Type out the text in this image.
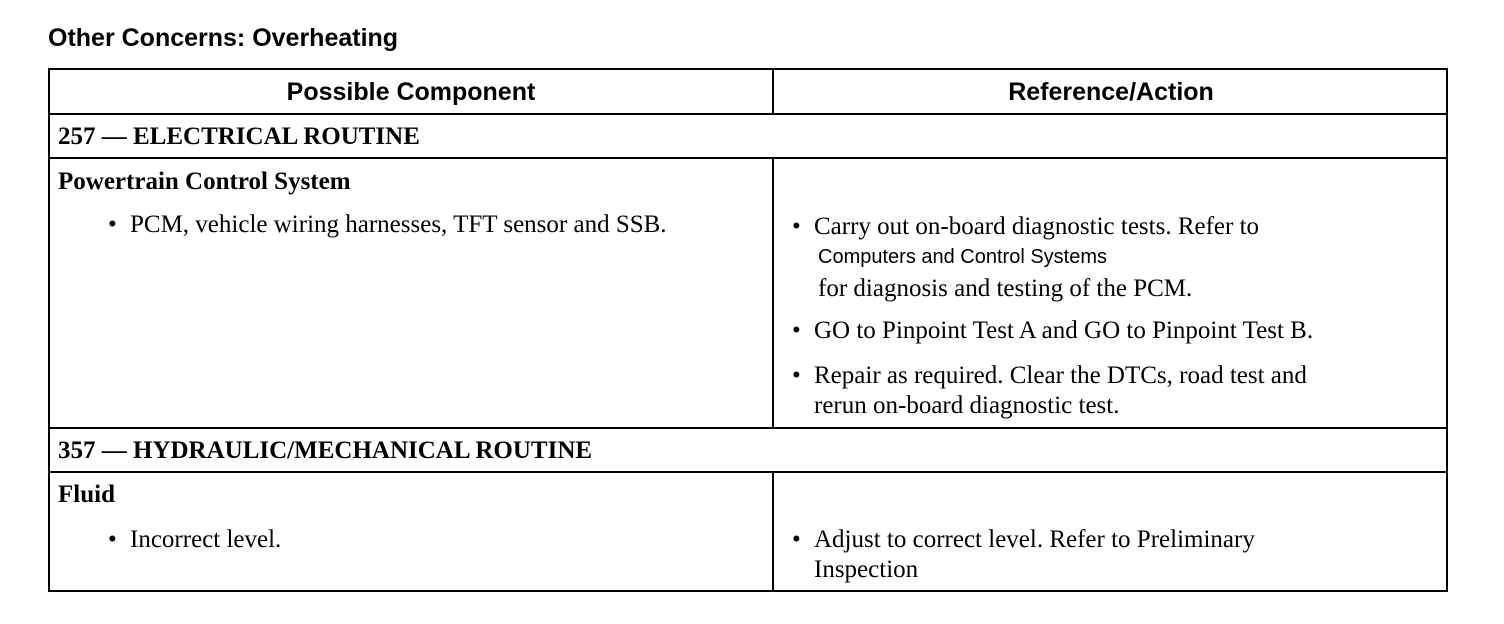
Other Concerns: Overheating
Possible Component	Reference/Action
257 — ELECTRICAL ROUTINE
Powertrain Control System
• PCM, vehicle wiring harnesses, TFT sensor and SSB.	• Carry out on-board diagnostic tests. Refer to
Computers and Control Systems
for diagnosis and testing of the PCM.
• GO to Pinpoint Test A and GO to Pinpoint Test B.
• Repair as required. Clear the DTCs, road test and
rerun on-board diagnostic test.
357 — HYDRAULIC/MECHANICAL ROUTINE
Fluid
• Incorrect level.	• Adjust to correct level. Refer to Preliminary
Inspection
